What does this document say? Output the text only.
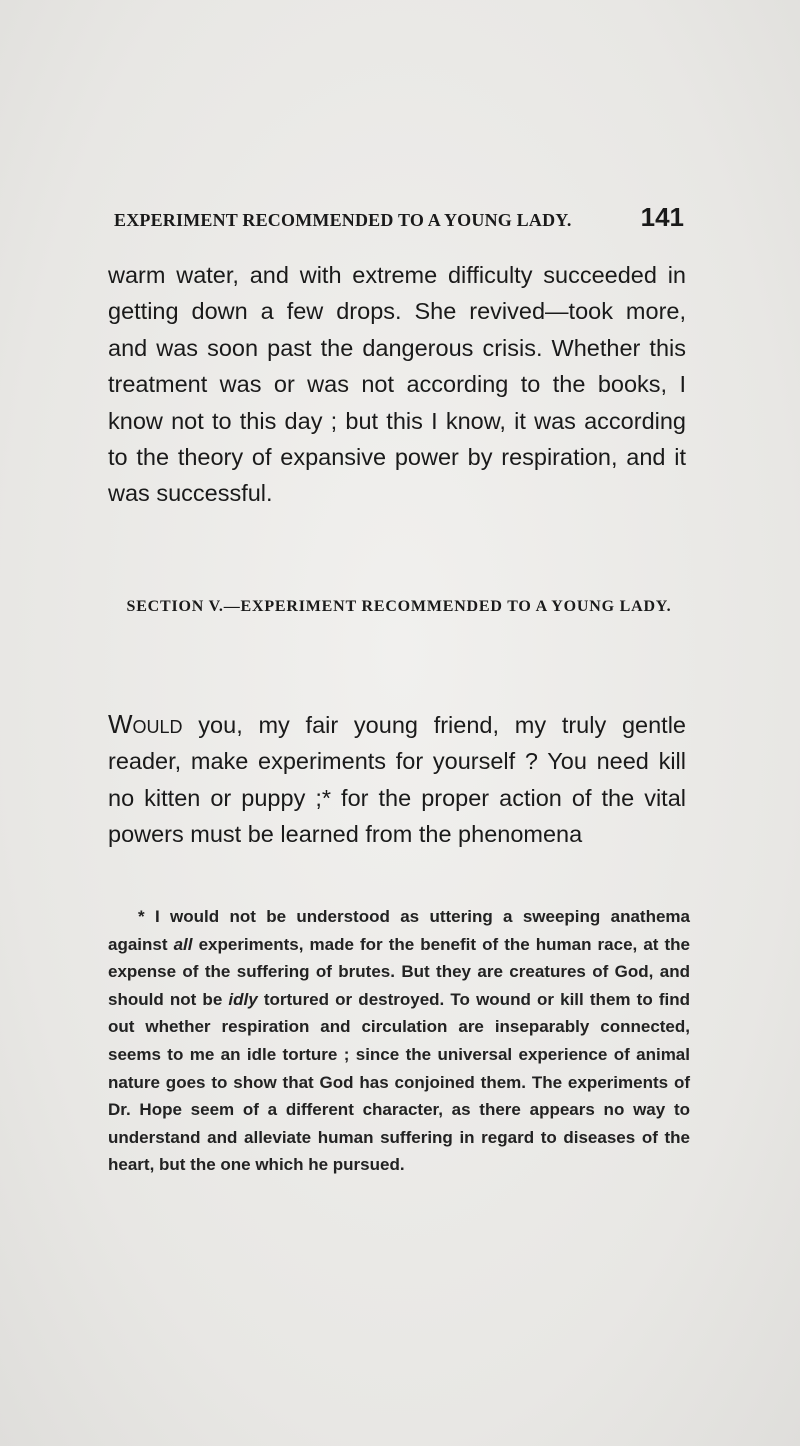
EXPERIMENT RECOMMENDED TO A YOUNG LADY.	141

warm water, and with extreme difficulty succeeded in getting down a few drops. She revived—took more, and was soon past the dangerous crisis. Whether this treatment was or was not according to the books, I know not to this day ; but this I know, it was according to the theory of expansive power by respiration, and it was successful.

SECTION V.—EXPERIMENT RECOMMENDED TO A YOUNG LADY.

Would you, my fair young friend, my truly gentle reader, make experiments for yourself ? You need kill no kitten or puppy ;* for the proper action of the vital powers must be learned from the phenomena

* I would not be understood as uttering a sweeping anathema against all experiments, made for the benefit of the human race, at the expense of the suffering of brutes. But they are creatures of God, and should not be idly tortured or destroyed. To wound or kill them to find out whether respiration and circulation are inseparably connected, seems to me an idle torture ; since the universal experience of animal nature goes to show that God has conjoined them. The experiments of Dr. Hope seem of a different character, as there appears no way to understand and alleviate human suffering in regard to diseases of the heart, but the one which he pursued.
